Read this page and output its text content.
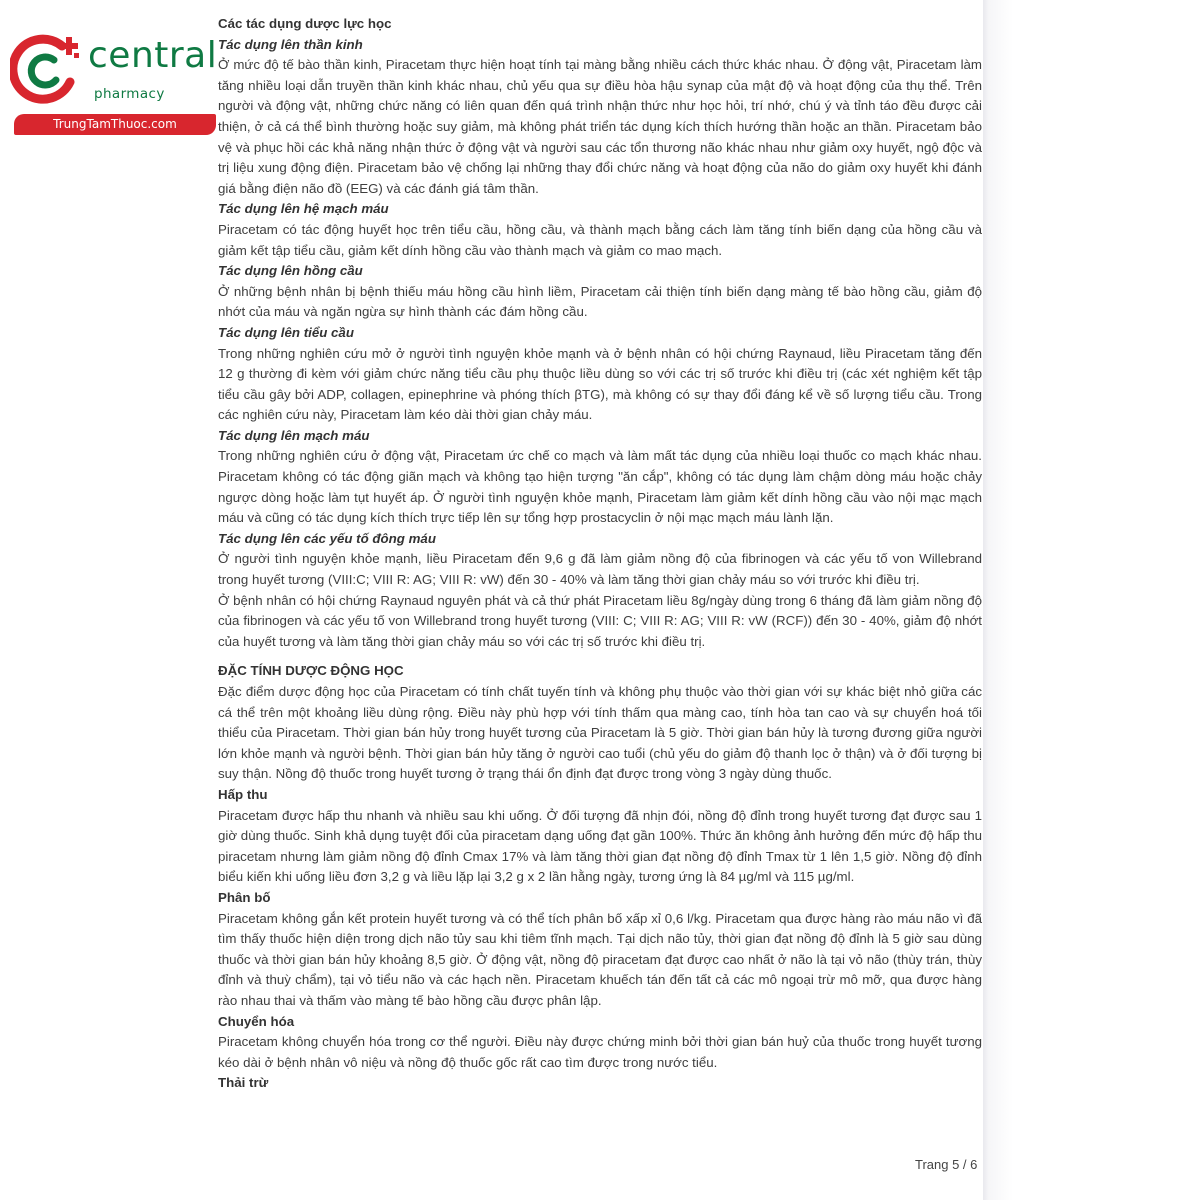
central
pharmacy
TrungTamThuoc.com
Các tác dụng dược lực học
Tác dụng lên thần kinh

Ở mức độ tế bào thần kinh, Piracetam thực hiện hoạt tính tại màng bằng nhiều cách thức khác nhau. Ở động vật, Piracetam làm tăng nhiều loại dẫn truyền thần kinh khác nhau, chủ yếu qua sự điều hòa hậu synap của mật độ và hoạt động của thụ thể. Trên người và động vật, những chức năng có liên quan đến quá trình nhận thức như học hỏi, trí nhớ, chú ý và tỉnh táo đều được cải thiện, ở cả cá thể bình thường hoặc suy giảm, mà không phát triển tác dụng kích thích hướng thần hoặc an thần. Piracetam bảo vệ và phục hồi các khả năng nhận thức ở động vật và người sau các tổn thương não khác nhau như giảm oxy huyết, ngộ độc và trị liệu xung động điện. Piracetam bảo vệ chống lại những thay đổi chức năng và hoạt động của não do giảm oxy huyết khi đánh giá bằng điện não đồ (EEG) và các đánh giá tâm thần.

Tác dụng lên hệ mạch máu

Piracetam có tác động huyết học trên tiểu cầu, hồng cầu, và thành mạch bằng cách làm tăng tính biến dạng của hồng cầu và giảm kết tập tiểu cầu, giảm kết dính hồng cầu vào thành mạch và giảm co mao mạch.

Tác dụng lên hồng cầu

Ở những bệnh nhân bị bệnh thiếu máu hồng cầu hình liềm, Piracetam cải thiện tính biến dạng màng tế bào hồng cầu, giảm độ nhớt của máu và ngăn ngừa sự hình thành các đám hồng cầu.

Tác dụng lên tiểu cầu

Trong những nghiên cứu mở ở người tình nguyện khỏe mạnh và ở bệnh nhân có hội chứng Raynaud, liều Piracetam tăng đến 12 g thường đi kèm với giảm chức năng tiểu cầu phụ thuộc liều dùng so với các trị số trước khi điều trị (các xét nghiệm kết tập tiểu cầu gây bởi ADP, collagen, epinephrine và phóng thích βTG), mà không có sự thay đổi đáng kể về số lượng tiểu cầu. Trong các nghiên cứu này, Piracetam làm kéo dài thời gian chảy máu.

Tác dụng lên mạch máu

Trong những nghiên cứu ở động vật, Piracetam ức chế co mạch và làm mất tác dụng của nhiều loại thuốc co mạch khác nhau. Piracetam không có tác động giãn mạch và không tạo hiện tượng "ăn cắp", không có tác dụng làm chậm dòng máu hoặc chảy ngược dòng hoặc làm tụt huyết áp. Ở người tình nguyện khỏe mạnh, Piracetam làm giảm kết dính hồng cầu vào nội mạc mạch máu và cũng có tác dụng kích thích trực tiếp lên sự tổng hợp prostacyclin ở nội mạc mạch máu lành lặn.

Tác dụng lên các yếu tố đông máu

Ở người tình nguyện khỏe mạnh, liều Piracetam đến 9,6 g đã làm giảm nồng độ của fibrinogen và các yếu tố von Willebrand trong huyết tương (VIII:C; VIII R: AG; VIII R: vW) đến 30 - 40% và làm tăng thời gian chảy máu so với trước khi điều trị.

Ở bệnh nhân có hội chứng Raynaud nguyên phát và cả thứ phát Piracetam liều 8g/ngày dùng trong 6 tháng đã làm giảm nồng độ của fibrinogen và các yếu tố von Willebrand trong huyết tương (VIII: C; VIII R: AG; VIII R: vW (RCF)) đến 30 - 40%, giảm độ nhớt của huyết tương và làm tăng thời gian chảy máu so với các trị số trước khi điều trị.

ĐẶC TÍNH DƯỢC ĐỘNG HỌC

Đặc điểm dược động học của Piracetam có tính chất tuyến tính và không phụ thuộc vào thời gian với sự khác biệt nhỏ giữa các cá thể trên một khoảng liều dùng rộng. Điều này phù hợp với tính thấm qua màng cao, tính hòa tan cao và sự chuyển hoá tối thiểu của Piracetam. Thời gian bán hủy trong huyết tương của Piracetam là 5 giờ. Thời gian bán hủy là tương đương giữa người lớn khỏe mạnh và người bệnh. Thời gian bán hủy tăng ở người cao tuổi (chủ yếu do giảm độ thanh lọc ở thận) và ở đối tượng bị suy thận. Nồng độ thuốc trong huyết tương ở trạng thái ổn định đạt được trong vòng 3 ngày dùng thuốc.

Hấp thu

Piracetam được hấp thu nhanh và nhiều sau khi uống. Ở đối tượng đã nhịn đói, nồng độ đỉnh trong huyết tương đạt được sau 1 giờ dùng thuốc. Sinh khả dụng tuyệt đối của piracetam dạng uống đạt gần 100%. Thức ăn không ảnh hưởng đến mức độ hấp thu piracetam nhưng làm giảm nồng độ đỉnh Cmax 17% và làm tăng thời gian đạt nồng độ đỉnh Tmax từ 1 lên 1,5 giờ. Nồng độ đỉnh biểu kiến khi uống liều đơn 3,2 g và liều lặp lại 3,2 g x 2 lần hằng ngày, tương ứng là 84 µg/ml và 115 µg/ml.

Phân bố

Piracetam không gắn kết protein huyết tương và có thể tích phân bố xấp xỉ 0,6 l/kg. Piracetam qua được hàng rào máu não vì đã tìm thấy thuốc hiện diện trong dịch não tủy sau khi tiêm tĩnh mạch. Tại dịch não tủy, thời gian đạt nồng độ đỉnh là 5 giờ sau dùng thuốc và thời gian bán hủy khoảng 8,5 giờ. Ở động vật, nồng độ piracetam đạt được cao nhất ở não là tại vỏ não (thùy trán, thùy đỉnh và thuỳ chẩm), tại vỏ tiểu não và các hạch nền. Piracetam khuếch tán đến tất cả các mô ngoại trừ mô mỡ, qua được hàng rào nhau thai và thấm vào màng tế bào hồng cầu được phân lập.

Chuyển hóa

Piracetam không chuyển hóa trong cơ thể người. Điều này được chứng minh bởi thời gian bán huỷ của thuốc trong huyết tương kéo dài ở bệnh nhân vô niệu và nồng độ thuốc gốc rất cao tìm được trong nước tiểu.

Thải trừ
Trang 5 / 6
